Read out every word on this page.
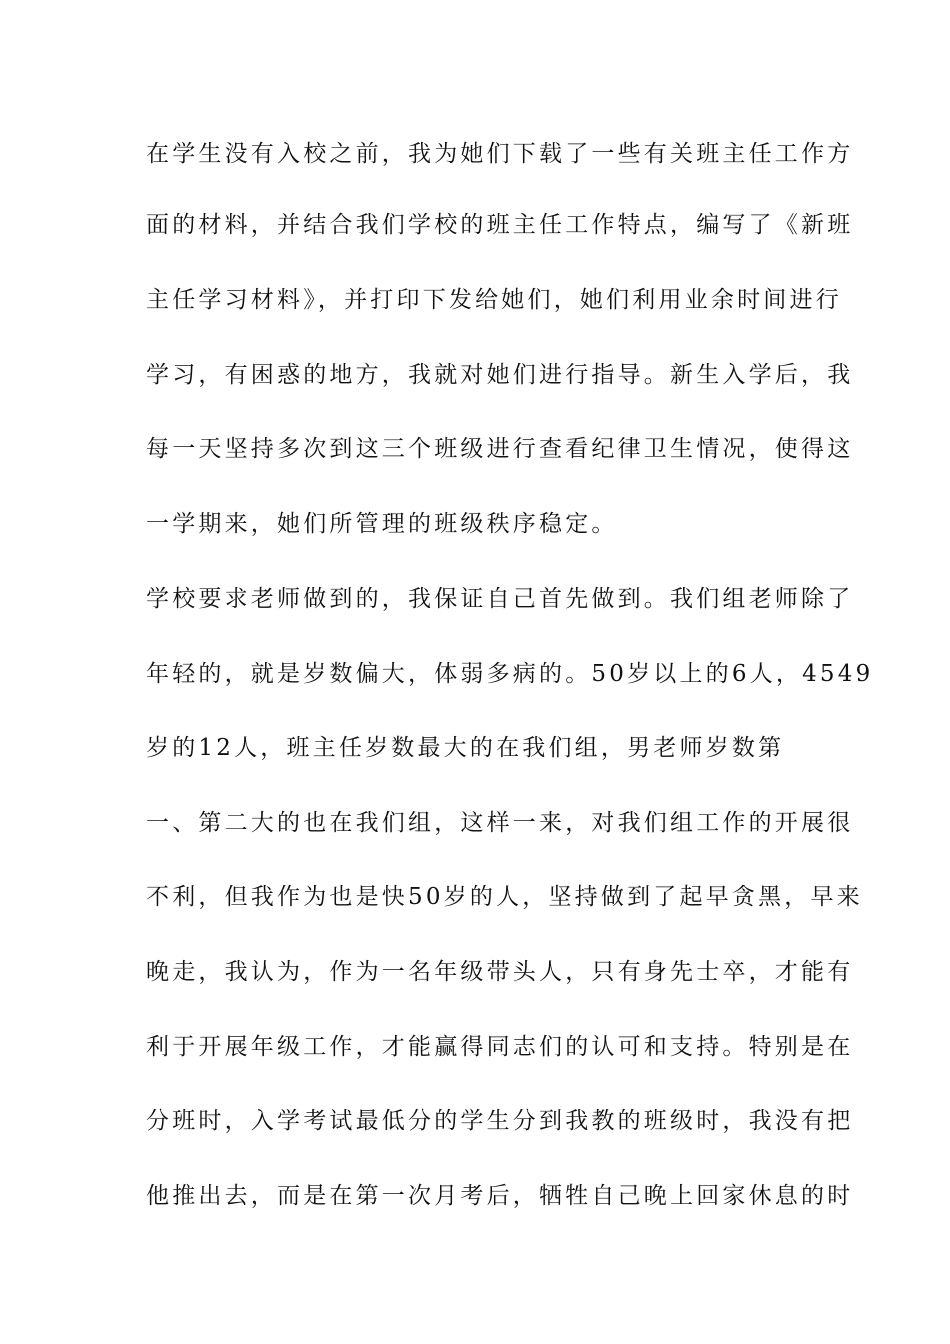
在学生没有入校之前，我为她们下载了一些有关班主任工作方
面的材料，并结合我们学校的班主任工作特点，编写了《新班
主任学习材料》，并打印下发给她们，她们利用业余时间进行
学习，有困惑的地方，我就对她们进行指导。新生入学后，我
每一天坚持多次到这三个班级进行查看纪律卫生情况，使得这
一学期来，她们所管理的班级秩序稳定。
学校要求老师做到的，我保证自己首先做到。我们组老师除了
年轻的，就是岁数偏大，体弱多病的。50岁以上的6人，4549
岁的12人，班主任岁数最大的在我们组，男老师岁数第
一、第二大的也在我们组，这样一来，对我们组工作的开展很
不利，但我作为也是快50岁的人，坚持做到了起早贪黑，早来
晚走，我认为，作为一名年级带头人，只有身先士卒，才能有
利于开展年级工作，才能赢得同志们的认可和支持。特别是在
分班时，入学考试最低分的学生分到我教的班级时，我没有把
他推出去，而是在第一次月考后，牺牲自己晚上回家休息的时
